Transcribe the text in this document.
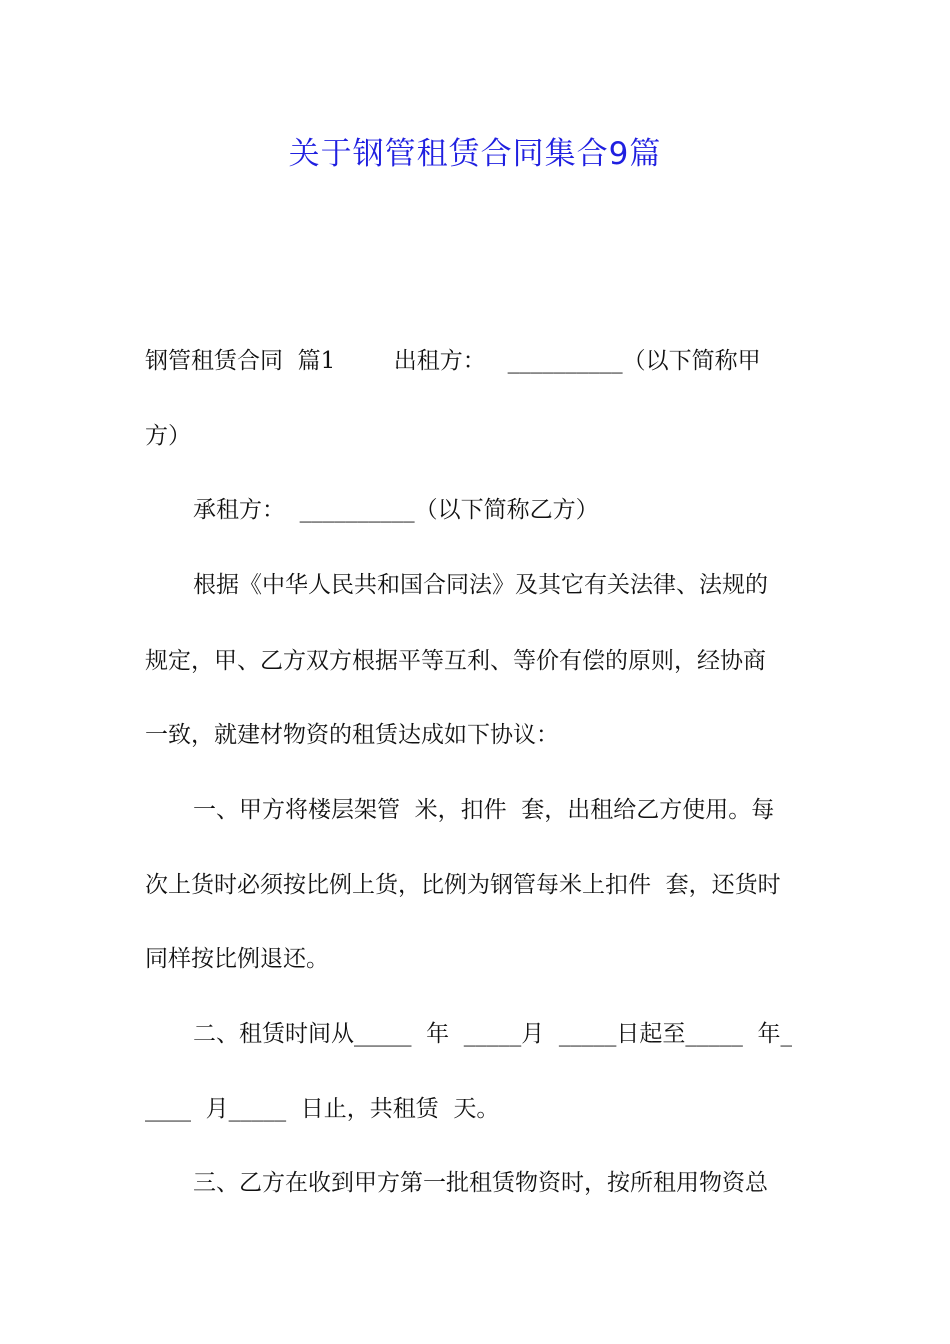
关于钢管租赁合同集合9篇

钢管租赁合同  篇1        出租方：   __________（以下简称甲

方）

承租方：  __________（以下简称乙方）

根据《中华人民共和国合同法》及其它有关法律、法规的

规定，甲、乙方双方根据平等互利、等价有偿的原则，经协商

一致，就建材物资的租赁达成如下协议：

一、甲方将楼层架管  米，扣件  套，出租给乙方使用。每

次上货时必须按比例上货，比例为钢管每米上扣件  套，还货时

同样按比例退还。

二、租赁时间从_____  年  _____月  _____日起至_____  年_

____  月_____  日止，共租赁  天。

三、乙方在收到甲方第一批租赁物资时，按所租用物资总
